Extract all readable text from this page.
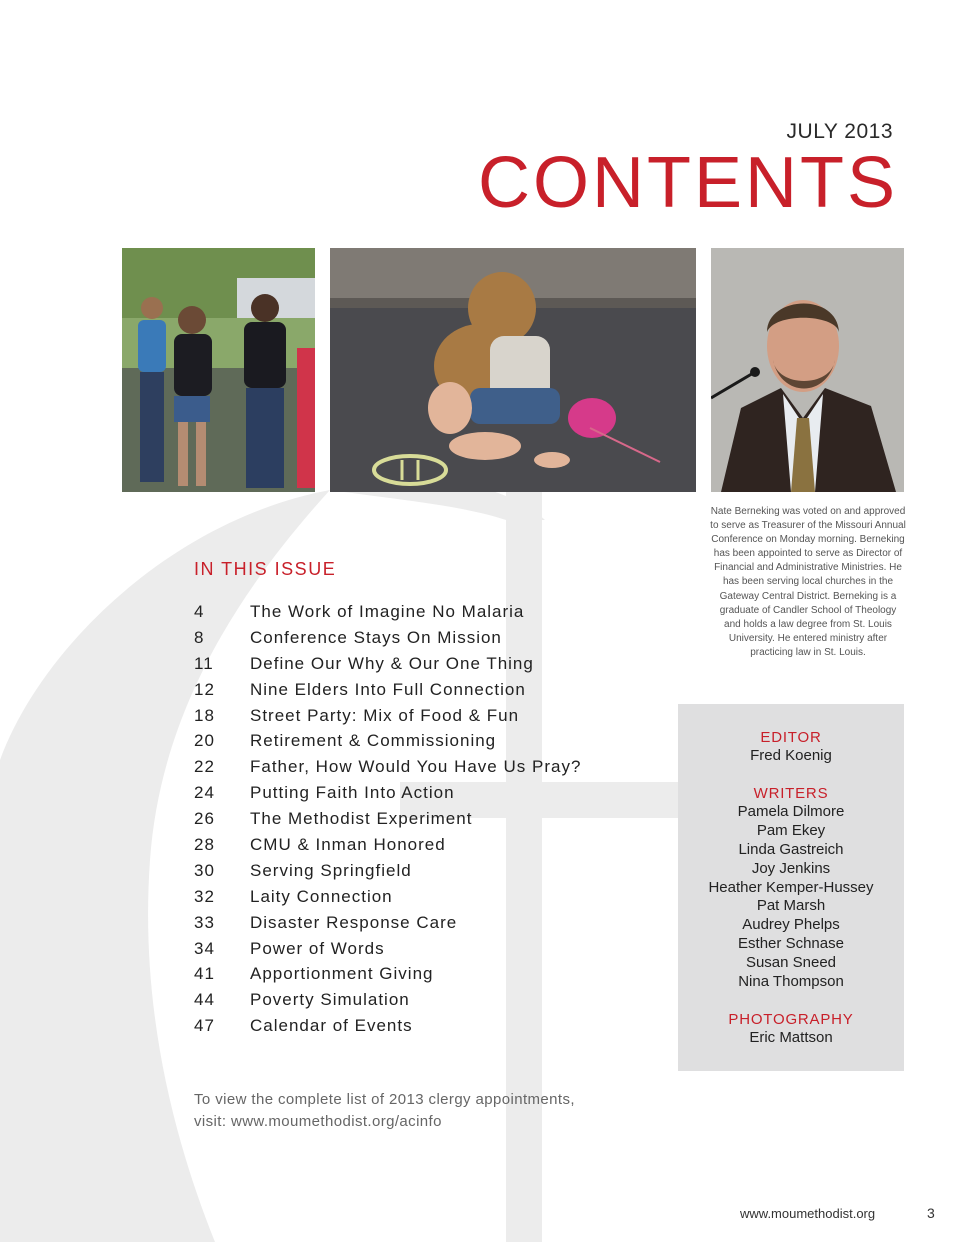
JULY 2013
CONTENTS
Nate Berneking was voted on and approved to serve as Treasurer of the Missouri Annual Conference on Monday morning. Berneking has been appointed to serve as Director of Financial and Administrative Ministries. He has been serving local churches in the Gateway Central District. Berneking is a graduate of Candler School of Theology and holds a law degree from St. Louis University. He entered ministry after practicing law in St. Louis.
IN THIS ISSUE
4	The Work of Imagine No Malaria
8	Conference Stays On Mission
11	Define Our Why & Our One Thing
12	Nine Elders Into Full Connection
18	Street Party: Mix of Food & Fun
20	Retirement & Commissioning
22	Father, How Would You Have Us Pray?
24	Putting Faith Into Action
26	The Methodist Experiment
28	CMU & Inman Honored
30	Serving Springfield
32	Laity Connection
33	Disaster Response Care
34	Power of Words
41	Apportionment Giving
44	Poverty Simulation
47	Calendar of Events
EDITOR
Fred Koenig
WRITERS
Pamela Dilmore
Pam Ekey
Linda Gastreich
Joy Jenkins
Heather Kemper-Hussey
Pat Marsh
Audrey Phelps
Esther Schnase
Susan Sneed
Nina Thompson
PHOTOGRAPHY
Eric Mattson
To view the complete list of 2013 clergy appointments,
visit: www.moumethodist.org/acinfo
www.moumethodist.org	3
